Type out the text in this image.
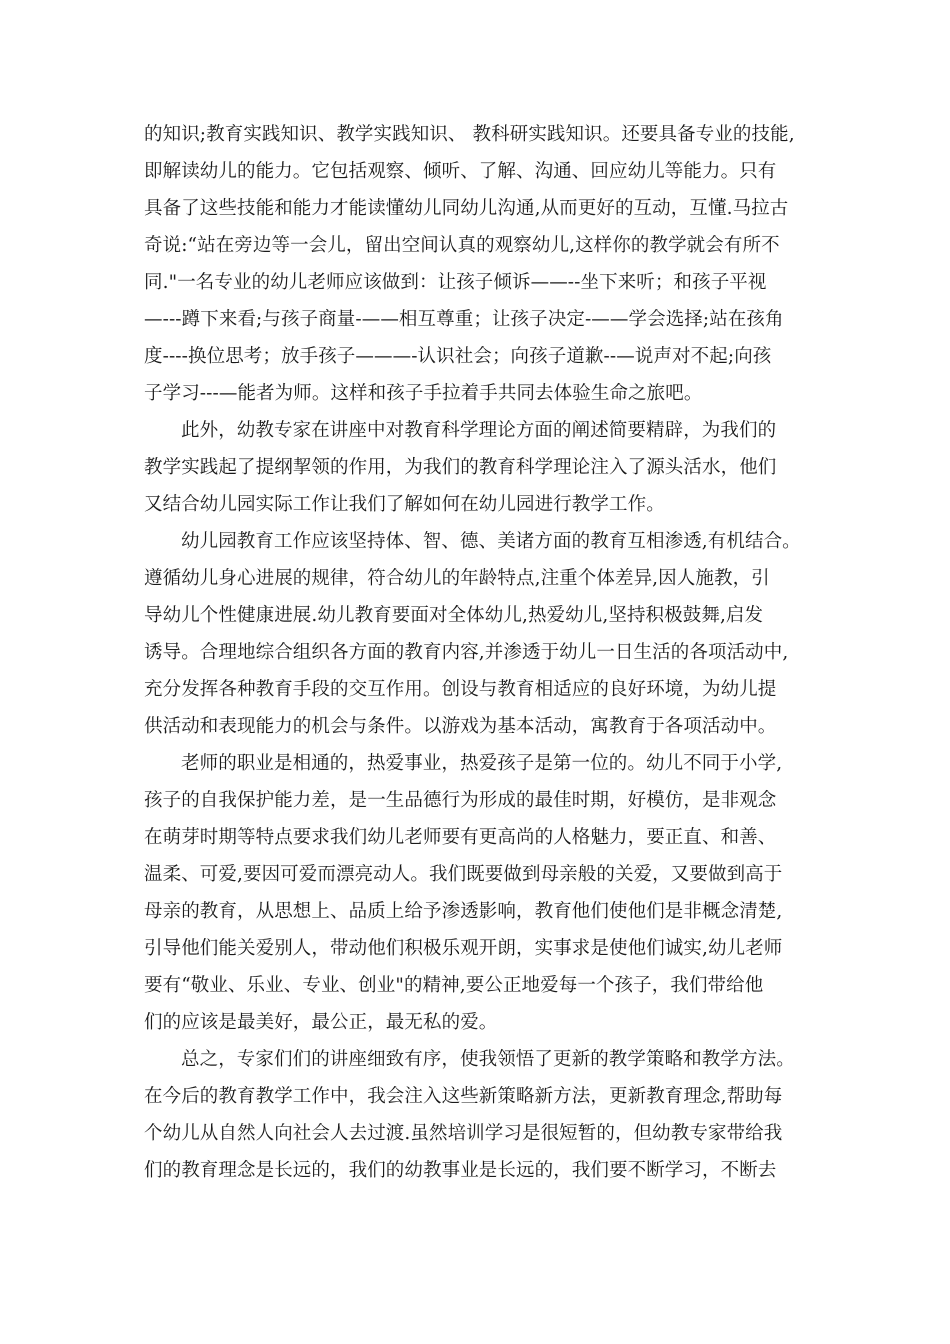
的知识;教育实践知识、教学实践知识、 教科研实践知识。还要具备专业的技能,
即解读幼儿的能力。它包括观察、倾听、了解、沟通、回应幼儿等能力。只有
具备了这些技能和能力才能读懂幼儿同幼儿沟通,从而更好的互动，互懂.马拉古
奇说:“站在旁边等一会儿，留出空间认真的观察幼儿,这样你的教学就会有所不
同."一名专业的幼儿老师应该做到：让孩子倾诉——--坐下来听；和孩子平视
—---蹲下来看;与孩子商量-——相互尊重；让孩子决定-——学会选择;站在孩角
度----换位思考；放手孩子———-认识社会；向孩子道歉--—说声对不起;向孩
子学习---—能者为师。这样和孩子手拉着手共同去体验生命之旅吧。
此外，幼教专家在讲座中对教育科学理论方面的阐述简要精辟，为我们的
教学实践起了提纲挈领的作用，为我们的教育科学理论注入了源头活水，他们
又结合幼儿园实际工作让我们了解如何在幼儿园进行教学工作。
幼儿园教育工作应该坚持体、智、德、美诸方面的教育互相渗透,有机结合。
遵循幼儿身心进展的规律，符合幼儿的年龄特点,注重个体差异,因人施教，引
导幼儿个性健康进展.幼儿教育要面对全体幼儿,热爱幼儿,坚持积极鼓舞,启发
诱导。合理地综合组织各方面的教育内容,并渗透于幼儿一日生活的各项活动中,
充分发挥各种教育手段的交互作用。创设与教育相适应的良好环境，为幼儿提
供活动和表现能力的机会与条件。以游戏为基本活动，寓教育于各项活动中。
老师的职业是相通的，热爱事业，热爱孩子是第一位的。幼儿不同于小学,
孩子的自我保护能力差，是一生品德行为形成的最佳时期，好模仿，是非观念
在萌芽时期等特点要求我们幼儿老师要有更高尚的人格魅力，要正直、和善、
温柔、可爱,要因可爱而漂亮动人。我们既要做到母亲般的关爱，又要做到高于
母亲的教育，从思想上、品质上给予渗透影响，教育他们使他们是非概念清楚,
引导他们能关爱别人，带动他们积极乐观开朗，实事求是使他们诚实,幼儿老师
要有“敬业、乐业、专业、创业"的精神,要公正地爱每一个孩子，我们带给他
们的应该是最美好，最公正，最无私的爱。
总之，专家们们的讲座细致有序，使我领悟了更新的教学策略和教学方法。
在今后的教育教学工作中，我会注入这些新策略新方法，更新教育理念,帮助每
个幼儿从自然人向社会人去过渡.虽然培训学习是很短暂的，但幼教专家带给我
们的教育理念是长远的，我们的幼教事业是长远的，我们要不断学习，不断去
